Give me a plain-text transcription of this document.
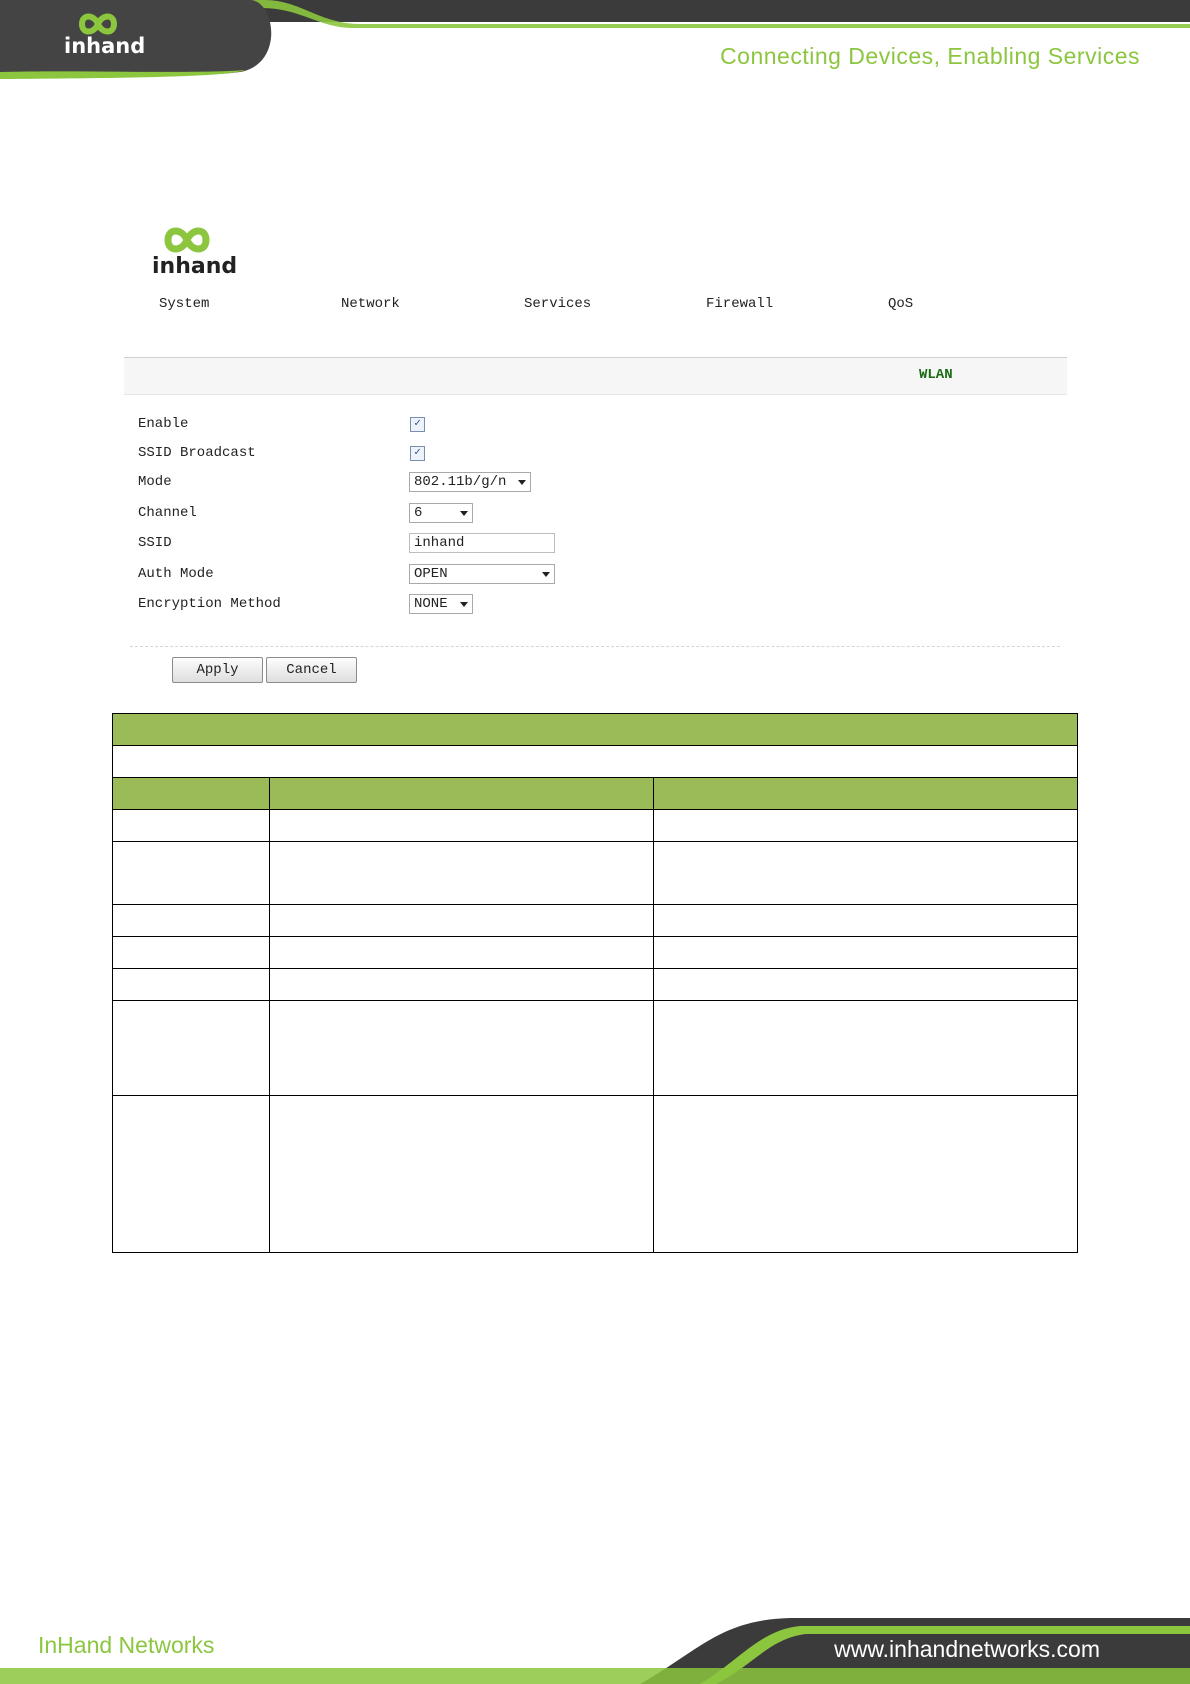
inhand	Connecting Devices, Enabling Services
inhand
System	Network	Services	Firewall	QoS
WLAN
Enable	✓
SSID Broadcast	✓
Mode	802.11b/g/n
Channel	6
SSID	inhand
Auth Mode	OPEN
Encryption Method	NONE
Apply	Cancel

InHand Networks	www.inhandnetworks.com
